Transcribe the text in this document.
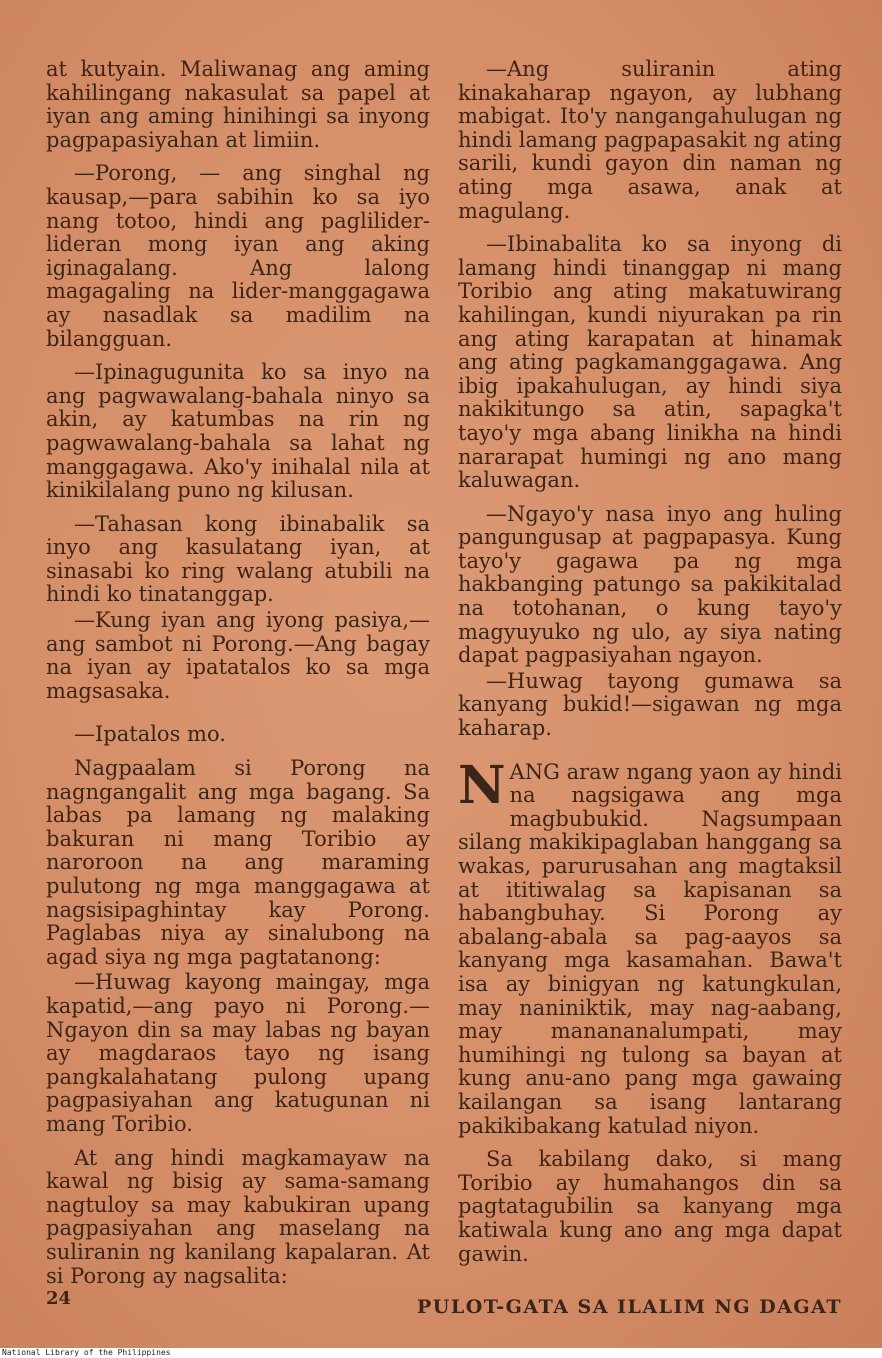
at kutyain. Maliwanag ang aming kahilingang nakasulat sa papel at iyan ang aming hinihingi sa inyong pagpapasiyahan at limiin.

—Porong, — ang singhal ng kausap,—para sabihin ko sa iyo nang totoo, hindi ang paglilider-lideran mong iyan ang aking iginagalang. Ang lalong magagaling na lider-manggagawa ay nasadlak sa madilim na bilangguan.

—Ipinagugunita ko sa inyo na ang pagwawalang-bahala ninyo sa akin, ay katumbas na rin ng pagwawalang-bahala sa lahat ng manggagawa. Ako'y inihalal nila at kinikilalang puno ng kilusan.

—Tahasan kong ibinabalik sa inyo ang kasulatang iyan, at sinasabi ko ring walang atubili na hindi ko tinatanggap.

—Kung iyan ang iyong pasiya,—ang sambot ni Porong.—Ang bagay na iyan ay ipatatalos ko sa mga magsasaka.

—Ipatalos mo.

Nagpaalam si Porong na nagngangalit ang mga bagang. Sa labas pa lamang ng malaking bakuran ni mang Toribio ay naroroon na ang maraming pulutong ng mga manggagawa at nagsisipaghintay kay Porong. Paglabas niya ay sinalubong na agad siya ng mga pagtatanong:

—Huwag kayong maingay, mga kapatid,—ang payo ni Porong.—Ngayon din sa may labas ng bayan ay magdaraos tayo ng isang pangkalahatang pulong upang pagpasiyahan ang katugunan ni mang Toribio.

At ang hindi magkamayaw na kawal ng bisig ay sama-samang nagtuloy sa may kabukiran upang pagpasiyahan ang maselang na suliranin ng kanilang kapalaran. At si Porong ay nagsalita:

—Ang suliranin ating kinakaharap ngayon, ay lubhang mabigat. Ito'y nangangahulugan ng hindi lamang pagpapasakit ng ating sarili, kundi gayon din naman ng ating mga asawa, anak at magulang.

—Ibinabalita ko sa inyong di lamang hindi tinanggap ni mang Toribio ang ating makatuwirang kahilingan, kundi niyurakan pa rin ang ating karapatan at hinamak ang ating pagkamanggagawa. Ang ibig ipakahulugan, ay hindi siya nakikitungo sa atin, sapagka't tayo'y mga abang linikha na hindi nararapat humingi ng ano mang kaluwagan.

—Ngayo'y nasa inyo ang huling pangungusap at pagpapasya. Kung tayo'y gagawa pa ng mga hakbanging patungo sa pakikitalad na totohanan, o kung tayo'y magyuyuko ng ulo, ay siya nating dapat pagpasiyahan ngayon.

—Huwag tayong gumawa sa kanyang bukid!—sigawan ng mga kaharap.

NANG araw ngang yaon ay hindi na nagsigawa ang mga magbubukid. Nagsumpaan silang makikipaglaban hanggang sa wakas, parurusahan ang magtaksil at ititiwalag sa kapisanan sa habangbuhay. Si Porong ay abalang-abala sa pag-aayos sa kanyang mga kasamahan. Bawa't isa ay binigyan ng katungkulan, may naniniktik, may nag-aabang, may manananalumpati, may humihingi ng tulong sa bayan at kung anu-ano pang mga gawaing kailangan sa isang lantarang pakikibakang katulad niyon.

Sa kabilang dako, si mang Toribio ay humahangos din sa pagtatagubilin sa kanyang mga katiwala kung ano ang mga dapat gawin.

24	PULOT-GATA SA ILALIM NG DAGAT
National Library of the Philippines
